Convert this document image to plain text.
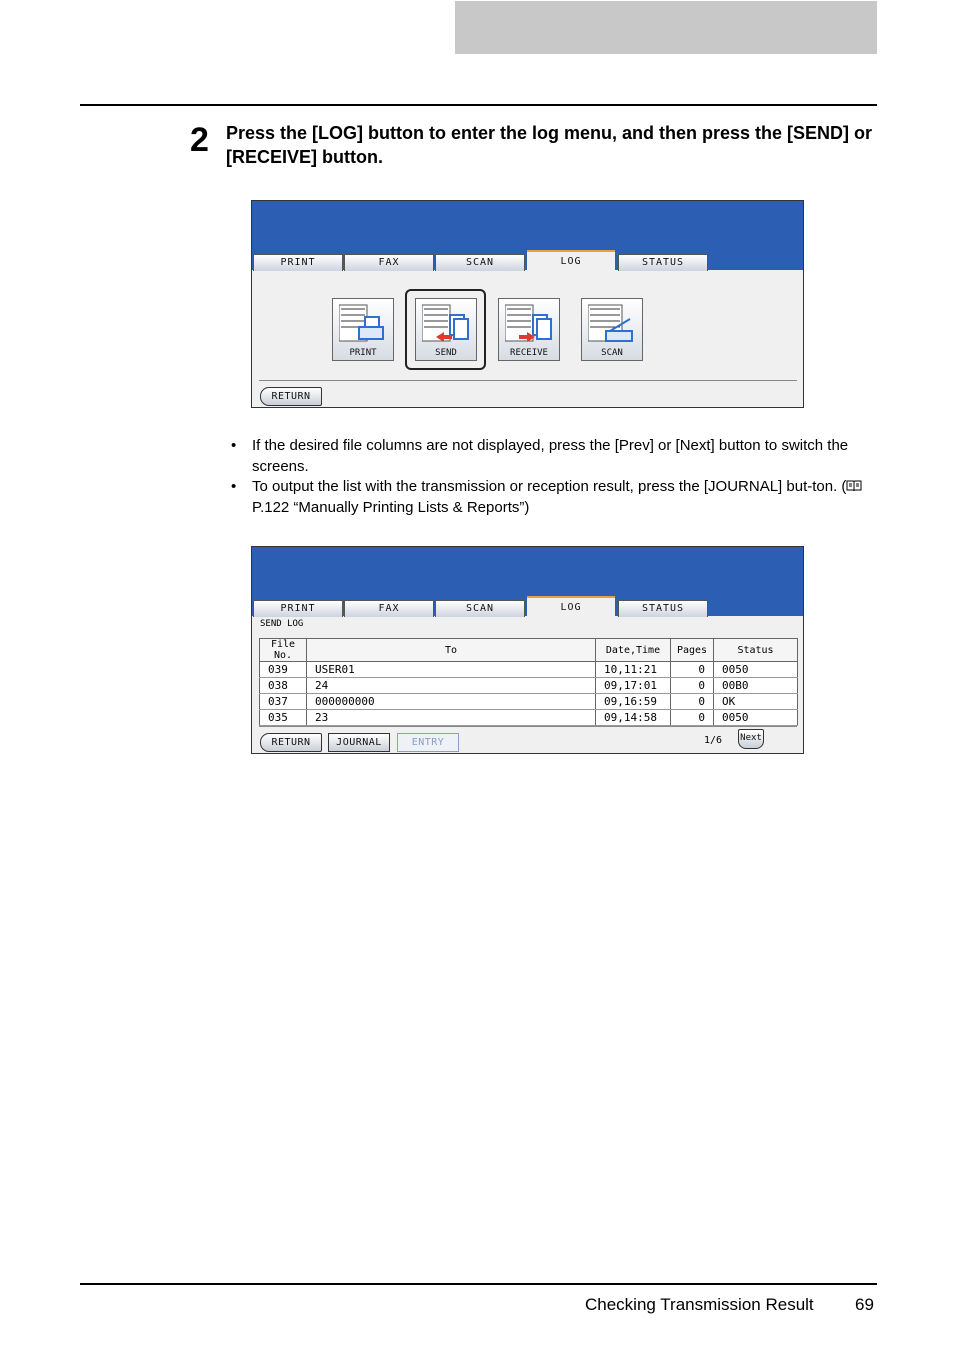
2 Press the [LOG] button to enter the log menu, and then press the [SEND] or [RECEIVE] button.
PRINT	FAX	SCAN	LOG	STATUS
PRINT	SEND	RECEIVE	SCAN
RETURN
• If the desired file columns are not displayed, press the [Prev] or [Next] button to switch the screens.
• To output the list with the transmission or reception result, press the [JOURNAL] but-ton. ( P.122 “Manually Printing Lists & Reports”)
PRINT	FAX	SCAN	LOG	STATUS
SEND LOG
File No.	To	Date,Time	Pages	Status
039	USER01	10,11:21	0	0050
038	24	09,17:01	0	00B0
037	000000000	09,16:59	0	OK
035	23	09,14:58	0	0050
RETURN	JOURNAL	ENTRY	1/6 Next
Checking Transmission Result 69
